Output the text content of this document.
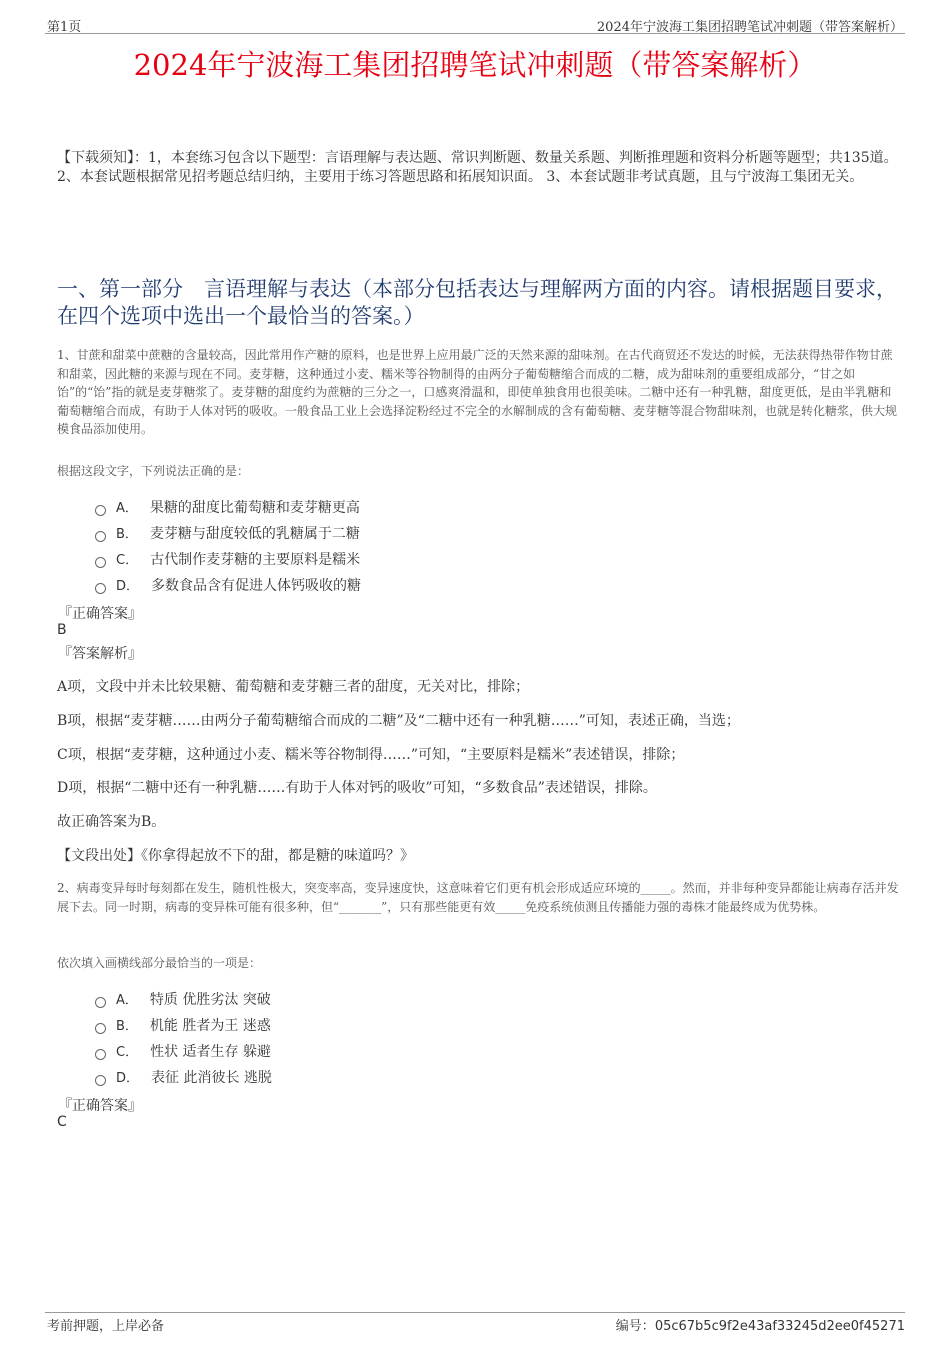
第1页	2024年宁波海工集团招聘笔试冲刺题（带答案解析）
2024年宁波海工集团招聘笔试冲刺题（带答案解析）
【下载须知】：1，本套练习包含以下题型：言语理解与表达题、常识判断题、数量关系题、判断推理题和资料分析题等题型；共135道。 2、本套试题根据常见招考题总结归纳，主要用于练习答题思路和拓展知识面。 3、本套试题非考试真题，且与宁波海工集团无关。
一、第一部分　言语理解与表达（本部分包括表达与理解两方面的内容。请根据题目要求，在四个选项中选出一个最恰当的答案。）
1、甘蔗和甜菜中蔗糖的含量较高，因此常用作产糖的原料，也是世界上应用最广泛的天然来源的甜味剂。在古代商贸还不发达的时候，无法获得热带作物甘蔗和甜菜，因此糖的来源与现在不同。麦芽糖，这种通过小麦、糯米等谷物制得的由两分子葡萄糖缩合而成的二糖，成为甜味剂的重要组成部分，“甘之如饴”的“饴”指的就是麦芽糖浆了。麦芽糖的甜度约为蔗糖的三分之一，口感爽滑温和，即使单独食用也很美味。二糖中还有一种乳糖，甜度更低，是由半乳糖和葡萄糖缩合而成，有助于人体对钙的吸收。一般食品工业上会选择淀粉经过不完全的水解制成的含有葡萄糖、麦芽糖等混合物甜味剂，也就是转化糖浆，供大规模食品添加使用。
根据这段文字，下列说法正确的是：
A． 果糖的甜度比葡萄糖和麦芽糖更高
B． 麦芽糖与甜度较低的乳糖属于二糖
C． 古代制作麦芽糖的主要原料是糯米
D． 多数食品含有促进人体钙吸收的糖
『正确答案』
B
『答案解析』
A项，文段中并未比较果糖、葡萄糖和麦芽糖三者的甜度，无关对比，排除；
B项，根据“麦芽糖……由两分子葡萄糖缩合而成的二糖”及“二糖中还有一种乳糖……”可知，表述正确，当选；
C项，根据“麦芽糖，这种通过小麦、糯米等谷物制得……”可知，“主要原料是糯米”表述错误，排除；
D项，根据“二糖中还有一种乳糖……有助于人体对钙的吸收”可知，“多数食品”表述错误，排除。
故正确答案为B。
【文段出处】《你拿得起放不下的甜，都是糖的味道吗？》
2、病毒变异每时每刻都在发生，随机性极大，突变率高，变异速度快，这意味着它们更有机会形成适应环境的_____。然而，并非每种变异都能让病毒存活并发展下去。同一时期，病毒的变异株可能有很多种，但“_______”，只有那些能更有效_____免疫系统侦测且传播能力强的毒株才能最终成为优势株。
依次填入画横线部分最恰当的一项是：
A． 特质 优胜劣汰 突破
B． 机能 胜者为王 迷惑
C． 性状 适者生存 躲避
D． 表征 此消彼长 逃脱
『正确答案』
C
考前押题，上岸必备	编号：05c67b5c9f2e43af33245d2ee0f45271
